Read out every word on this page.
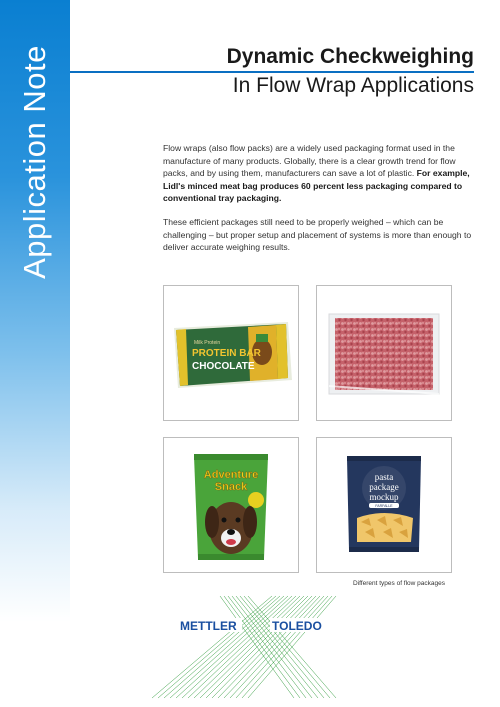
Application Note	Dynamic Checkweighing
In Flow Wrap Applications

Flow wraps (also flow packs) are a widely used packaging format used in the manufacture of many products. Globally, there is a clear growth trend for flow packs, and by using them, manufacturers can save a lot of plastic. For example, Lidl's minced meat bag produces 60 percent less packaging compared to conventional tray packaging.

These efficient packages still need to be properly weighed – which can be challenging – but proper setup and placement of systems is more than enough to deliver accurate weighing results.

Milk Protein
PROTEIN BAR
CHOCOLATE
Adventure
Snack
pasta
package
mockup
FARFALLE
Different types of flow packages
METTLER	TOLEDO
